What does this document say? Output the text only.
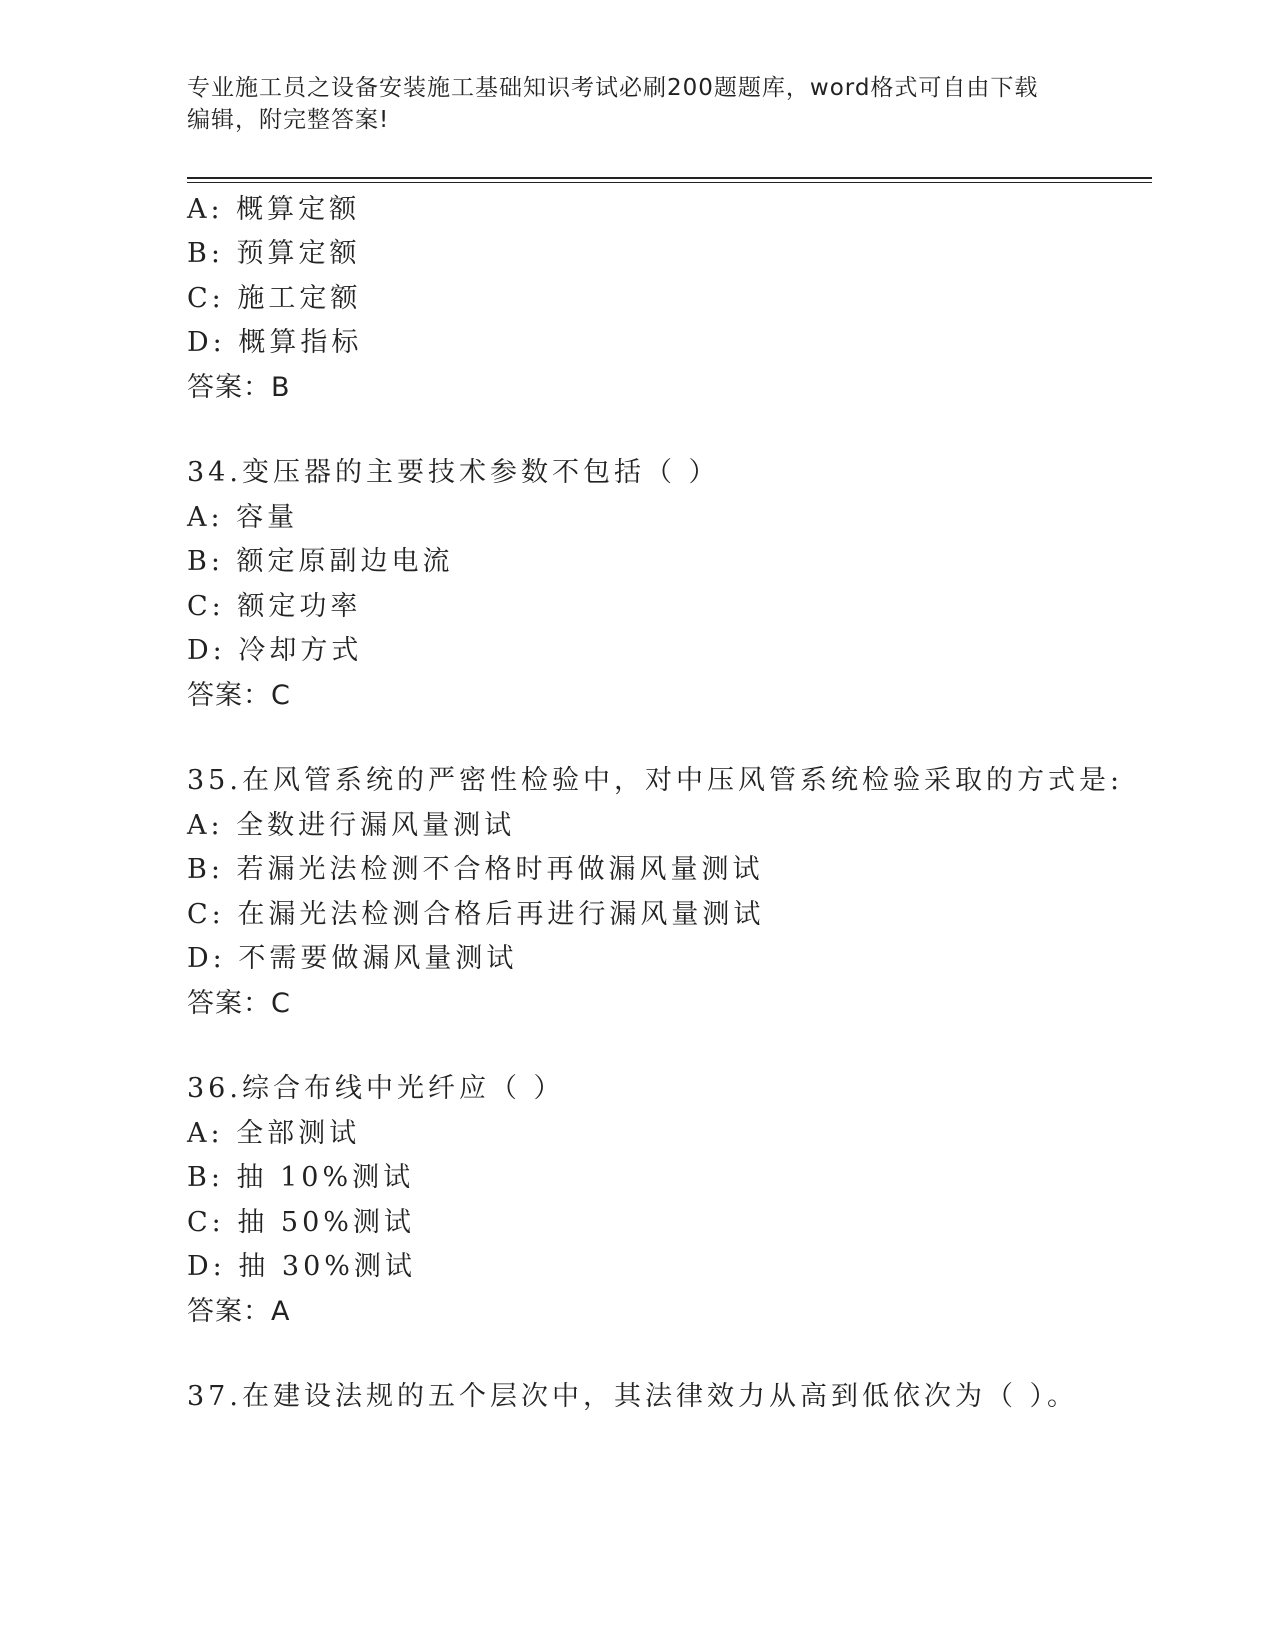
专业施工员之设备安装施工基础知识考试必刷200题题库，word格式可自由下载
编辑，附完整答案!
A: 概算定额
B: 预算定额
C: 施工定额
D: 概算指标
答案：B
34.变压器的主要技术参数不包括（ ）
A: 容量
B: 额定原副边电流
C: 额定功率
D: 冷却方式
答案：C
35.在风管系统的严密性检验中，对中压风管系统检验采取的方式是:
A: 全数进行漏风量测试
B: 若漏光法检测不合格时再做漏风量测试
C: 在漏光法检测合格后再进行漏风量测试
D: 不需要做漏风量测试
答案：C
36.综合布线中光纤应（ ）
A: 全部测试
B: 抽 10%测试
C: 抽 50%测试
D: 抽 30%测试
答案：A
37.在建设法规的五个层次中，其法律效力从高到低依次为（ ）。
